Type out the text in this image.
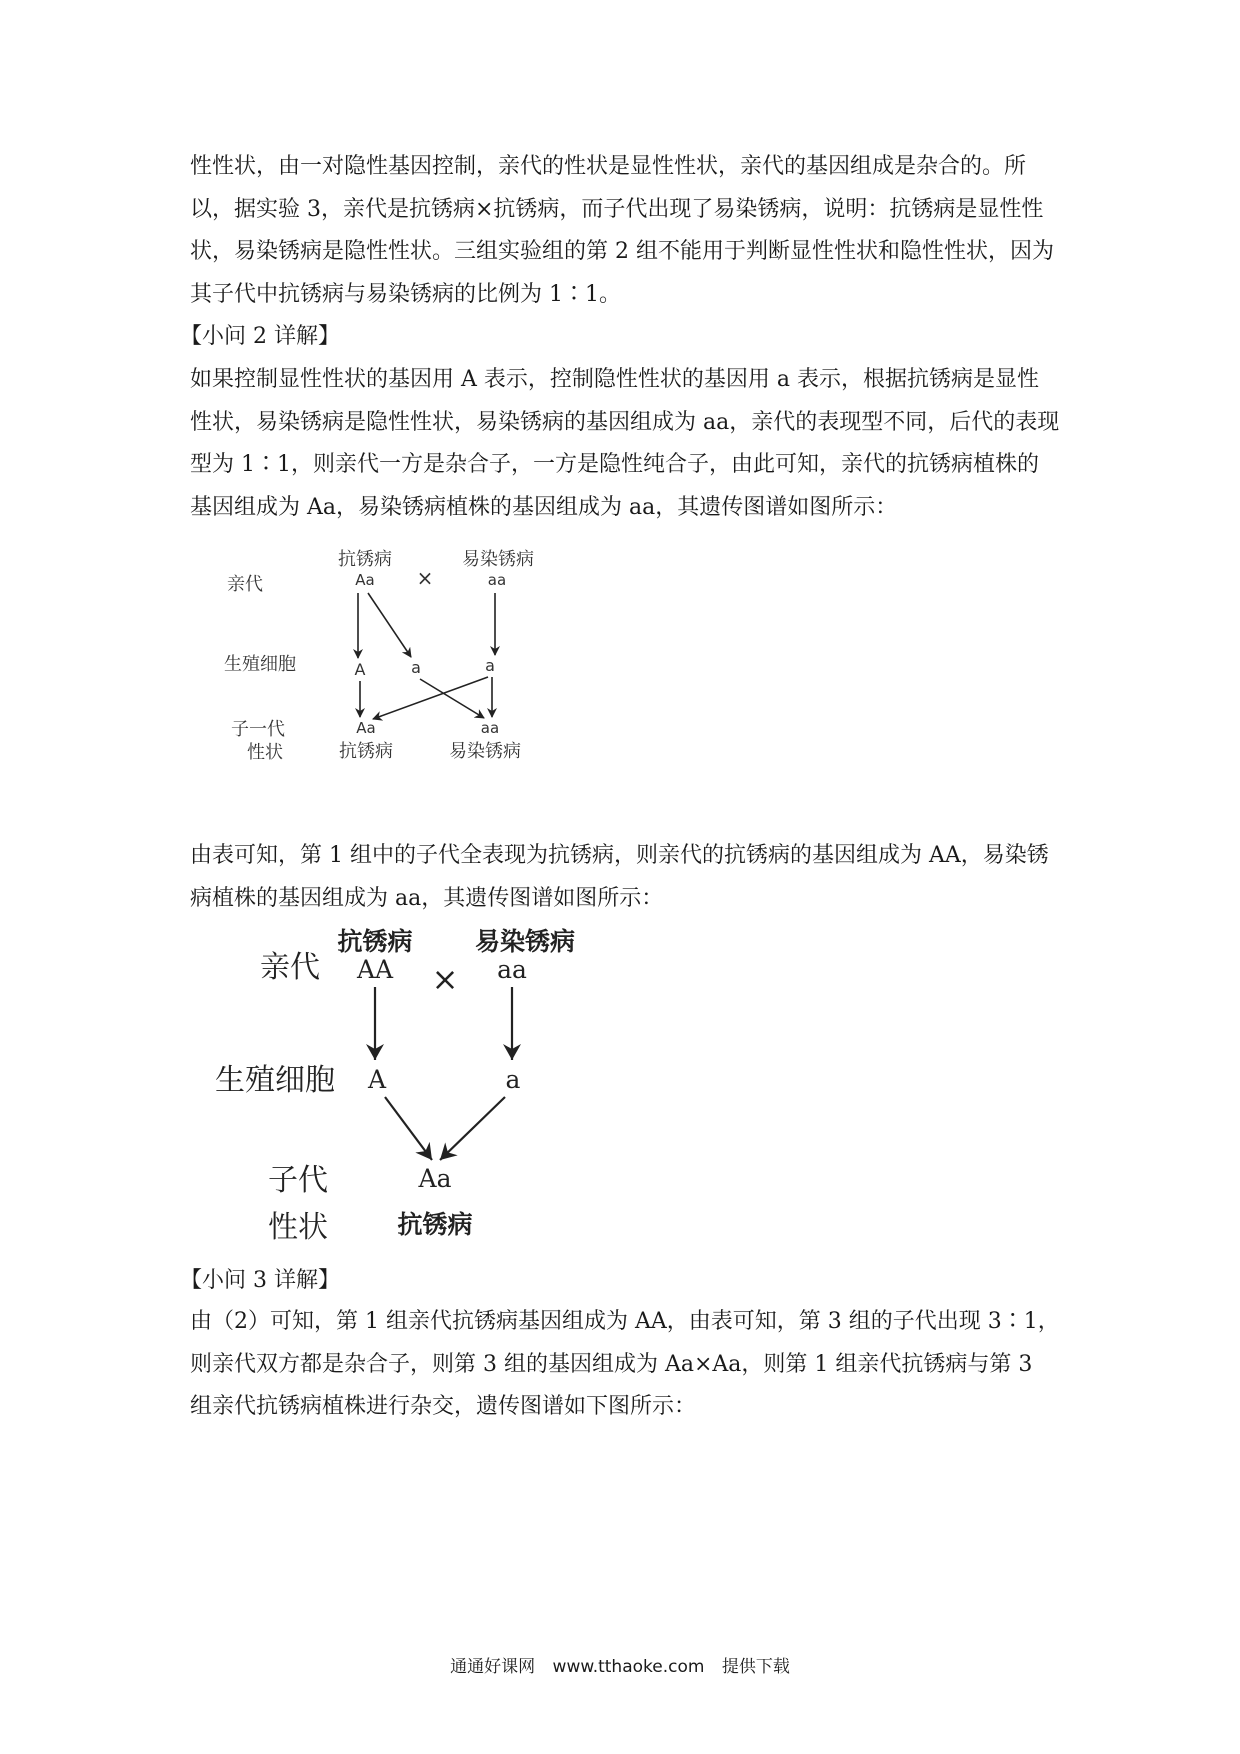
性性状，由一对隐性基因控制，亲代的性状是显性性状，亲代的基因组成是杂合的。所以，据实验 3，亲代是抗锈病×抗锈病，而子代出现了易染锈病，说明：抗锈病是显性性状，易染锈病是隐性性状。三组实验组的第 2 组不能用于判断显性性状和隐性性状，因为其子代中抗锈病与易染锈病的比例为 1∶1。

【小问 2 详解】

如果控制显性性状的基因用 A 表示，控制隐性性状的基因用 a 表示，根据抗锈病是显性性状，易染锈病是隐性性状，易染锈病的基因组成为 aa，亲代的表现型不同，后代的表现型为 1∶1，则亲代一方是杂合子，一方是隐性纯合子，由此可知，亲代的抗锈病植株的基因组成为 Aa，易染锈病植株的基因组成为 aa，其遗传图谱如图所示：

亲代
生殖细胞
子一代
性状
抗锈病
Aa ×
易染锈病
aa
A	a	a
Aa
抗锈病
aa
易染锈病

由表可知，第 1 组中的子代全表现为抗锈病，则亲代的抗锈病的基因组成为 AA，易染锈病植株的基因组成为 aa，其遗传图谱如图所示：

亲代
生殖细胞
子代
性状
抗锈病
AA ×
易染锈病
aa
A	a
Aa
抗锈病

【小问 3 详解】

由（2）可知，第 1 组亲代抗锈病基因组成为 AA，由表可知，第 3 组的子代出现 3∶1，则亲代双方都是杂合子，则第 3 组的基因组成为 Aa×Aa，则第 1 组亲代抗锈病与第 3 组亲代抗锈病植株进行杂交，遗传图谱如下图所示：

通通好课网 www.tthaoke.com 提供下载
